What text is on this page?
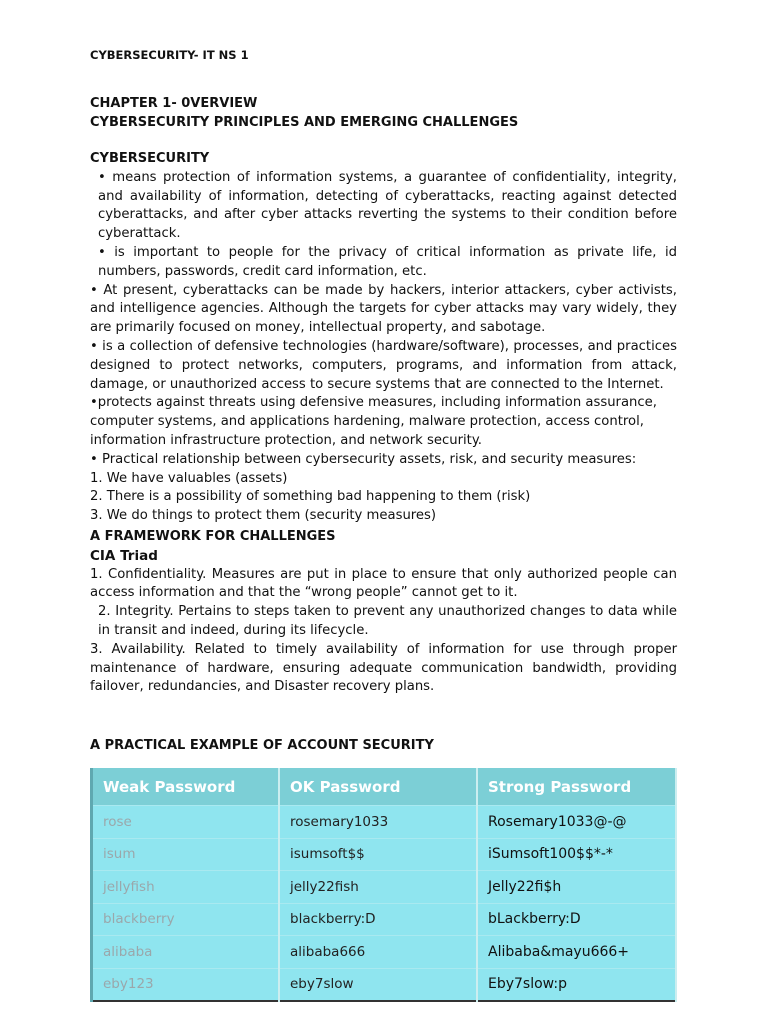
CYBERSECURITY- IT NS 1
CHAPTER 1- 0VERVIEW
CYBERSECURITY PRINCIPLES AND EMERGING CHALLENGES
CYBERSECURITY

• means protection of information systems, a guarantee of confidentiality, integrity, and availability of information, detecting of cyberattacks, reacting against detected cyberattacks, and after cyber attacks reverting the systems to their condition before cyberattack.

• is important to people for the privacy of critical information as private life, id numbers, passwords, credit card information, etc.

• At present, cyberattacks can be made by hackers, interior attackers, cyber activists, and intelligence agencies. Although the targets for cyber attacks may vary widely, they are primarily focused on money, intellectual property, and sabotage.

• is a collection of defensive technologies (hardware/software), processes, and practices designed to protect networks, computers, programs, and information from attack, damage, or unauthorized access to secure systems that are connected to the Internet.

•protects against threats using defensive measures, including information assurance,

computer systems, and applications hardening, malware protection, access control,

information infrastructure protection, and network security.

• Practical relationship between cybersecurity assets, risk, and security measures:

1. We have valuables (assets)

2. There is a possibility of something bad happening to them (risk)

3. We do things to protect them (security measures)

A FRAMEWORK FOR CHALLENGES
CIA Triad

1. Confidentiality. Measures are put in place to ensure that only authorized people can access information and that the “wrong people” cannot get to it.

2. Integrity. Pertains to steps taken to prevent any unauthorized changes to data while in transit and indeed, during its lifecycle.

3. Availability. Related to timely availability of information for use through proper maintenance of hardware, ensuring adequate communication bandwidth, providing failover, redundancies, and Disaster recovery plans.

A PRACTICAL EXAMPLE OF ACCOUNT SECURITY
Weak Password	OK Password	Strong Password
rose	rosemary1033	Rosemary1033@-@
isum	isumsoft$$	iSumsoft100$$*-*
jellyfish	jelly22fish	Jelly22fi$h
blackberry	blackberry:D	bLackberry:D
alibaba	alibaba666	Alibaba&mayu666+
eby123	eby7slow	Eby7slow:p
